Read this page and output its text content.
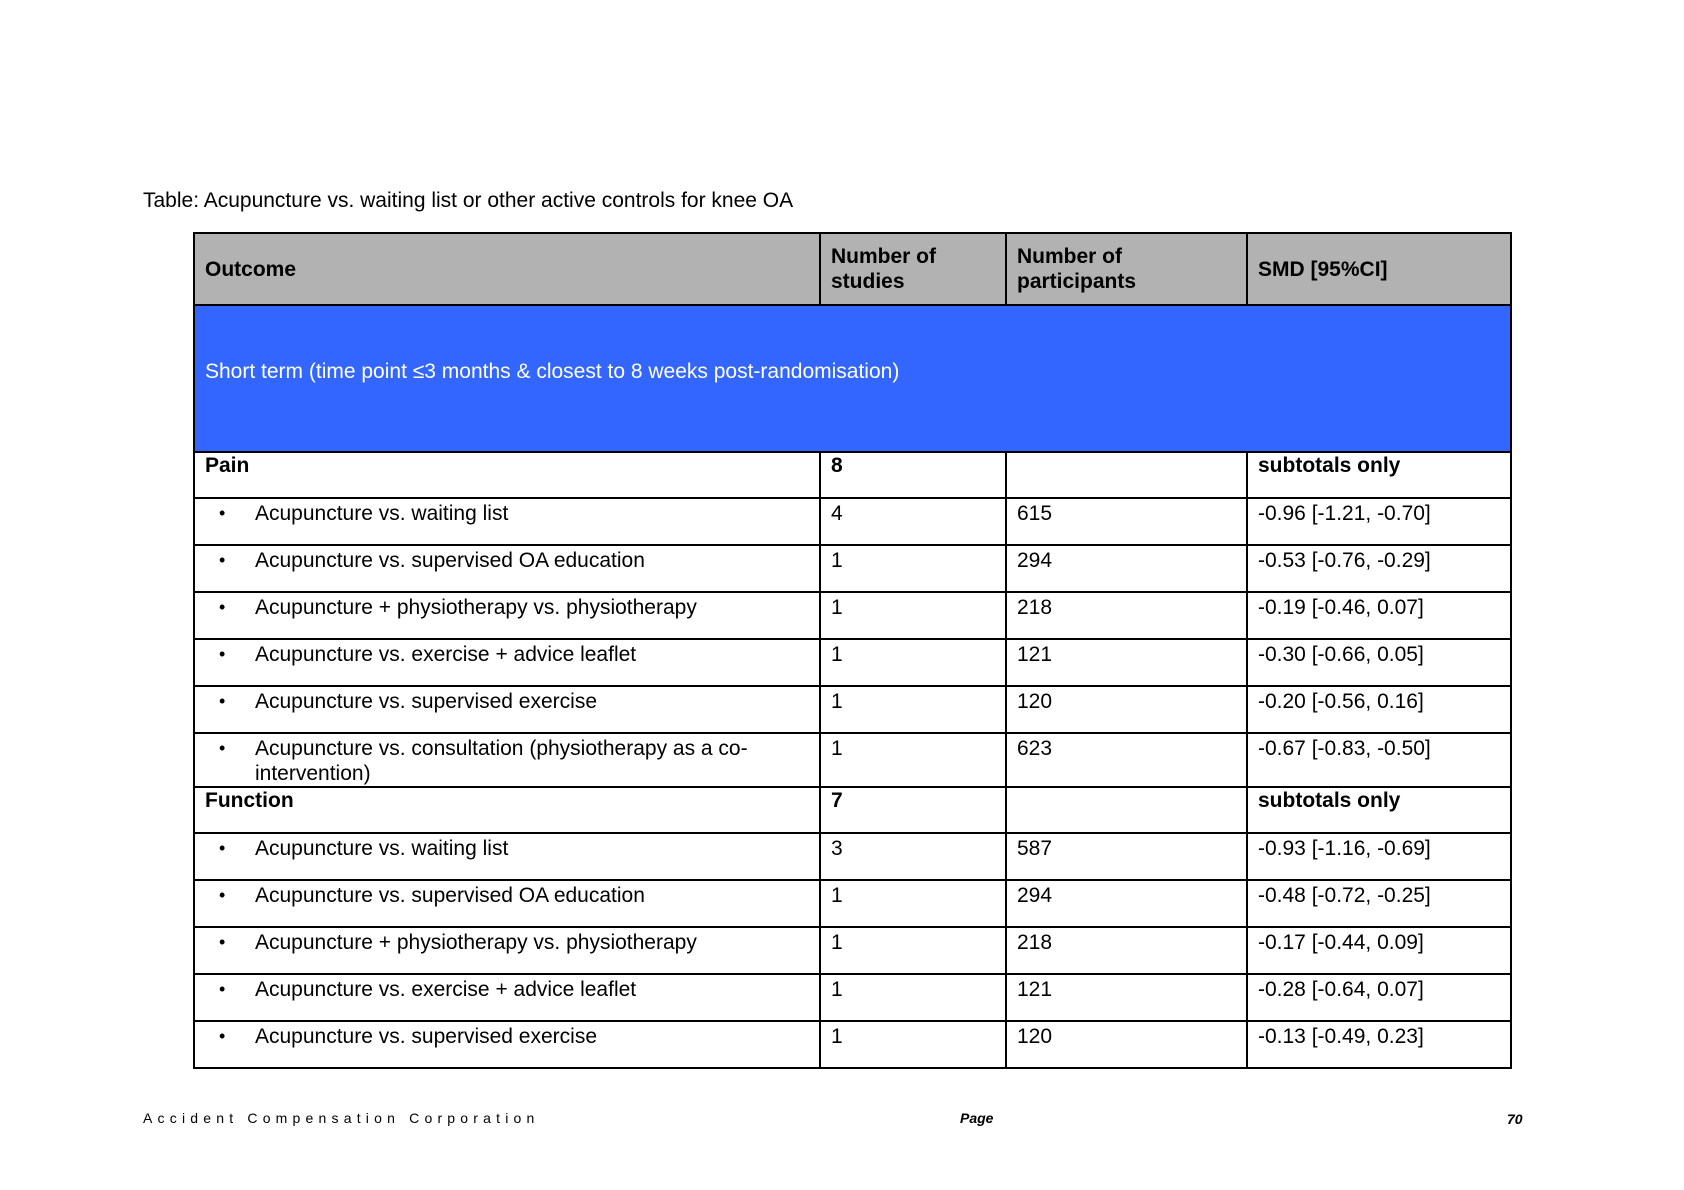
Table: Acupuncture vs. waiting list or other active controls for knee OA
Outcome	Number of studies	Number of participants	SMD [95%CI]
Short term (time point ≤3 months & closest to 8 weeks post-randomisation)			
Pain	8		subtotals only

• Acupuncture vs. waiting list	4	615	-0.96 [-1.21, -0.70]

• Acupuncture vs. supervised OA education	1	294	-0.53 [-0.76, -0.29]

• Acupuncture + physiotherapy vs. physiotherapy	1	218	-0.19 [-0.46, 0.07]

• Acupuncture vs. exercise + advice leaflet	1	121	-0.30 [-0.66, 0.05]

• Acupuncture vs. supervised exercise	1	120	-0.20 [-0.56, 0.16]

• Acupuncture vs. consultation (physiotherapy as a co-intervention)	1	623	-0.67 [-0.83, -0.50]
Function	7		subtotals only

• Acupuncture vs. waiting list	3	587	-0.93 [-1.16, -0.69]

• Acupuncture vs. supervised OA education	1	294	-0.48 [-0.72, -0.25]

• Acupuncture + physiotherapy vs. physiotherapy	1	218	-0.17 [-0.44, 0.09]

• Acupuncture vs. exercise + advice leaflet	1	121	-0.28 [-0.64, 0.07]

• Acupuncture vs. supervised exercise	1	120	-0.13 [-0.49, 0.23]
Accident Compensation Corporation	Page	70
